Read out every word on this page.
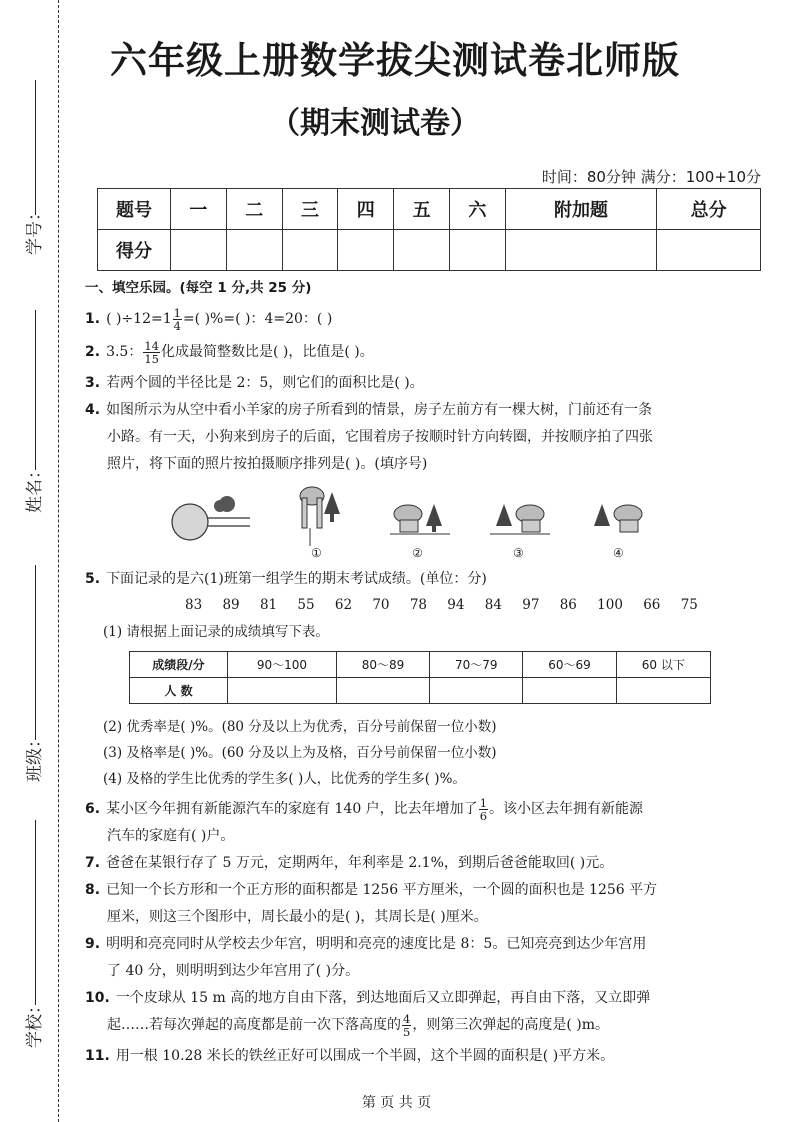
学号：
姓名：
班级：
学校：
六年级上册数学拔尖测试卷北师版
（期末测试卷）
时间：80分钟 满分：100+10分
题号	一	二	三	四	五	六	附加题	总分
得分								
一、填空乐园。(每空 1 分,共 25 分)
1. ( )$\div 12=1 \frac{1}{4}$ =( )%=( )：4=20：( )
2. 3.5： $\frac{14}{15}$ 化成最简整数比是( )，比值是( )。
3. 若两个圆的半径比是 2：5，则它们的面积比是( )。
4. 如图所示为从空中看小羊家的房子所看到的情景，房子左前方有一棵大树，门前还有一条
小路。有一天，小狗来到房子的后面，它围着房子按顺时针方向转圈，并按顺序拍了四张
照片，将下面的照片按拍摄顺序排列是( )。(填序号)
①	②	③	④
5. 下面记录的是六(1)班第一组学生的期末考试成绩。(单位：分)
83 89 81 55 62 70 78 94 84 97 86 100 66 75
(1) 请根据上面记录的成绩填写下表。
成绩段/分	90～100	80～89	70～79	60～69	60 以下
人 数					
(2) 优秀率是( )%。(80 分及以上为优秀，百分号前保留一位小数)
(3) 及格率是( )%。(60 分及以上为及格，百分号前保留一位小数)
(4) 及格的学生比优秀的学生多( )人，比优秀的学生多( )%。
6. 某小区今年拥有新能源汽车的家庭有 140 户，比去年增加了 $\frac{1}{6}$ 。该小区去年拥有新能源
汽车的家庭有( )户。
7. 爸爸在某银行存了 5 万元，定期两年，年利率是 2.1%，到期后爸爸能取回( )元。
8. 已知一个长方形和一个正方形的面积都是 1256 平方厘米，一个圆的面积也是 1256 平方
厘米，则这三个图形中，周长最小的是( )，其周长是( )厘米。
9. 明明和亮亮同时从学校去少年宫，明明和亮亮的速度比是 8：5。已知亮亮到达少年宫用
了 40 分，则明明到达少年宫用了( )分。
10. 一个皮球从 15 m 高的地方自由下落，到达地面后又立即弹起，再自由下落，又立即弹
起……若每次弹起的高度都是前一次下落高度的 $\frac{4}{5}$ ，则第三次弹起的高度是( )m。
11. 用一根 10.28 米长的铁丝正好可以围成一个半圆，这个半圆的面积是( )平方米。
第 页 共 页
